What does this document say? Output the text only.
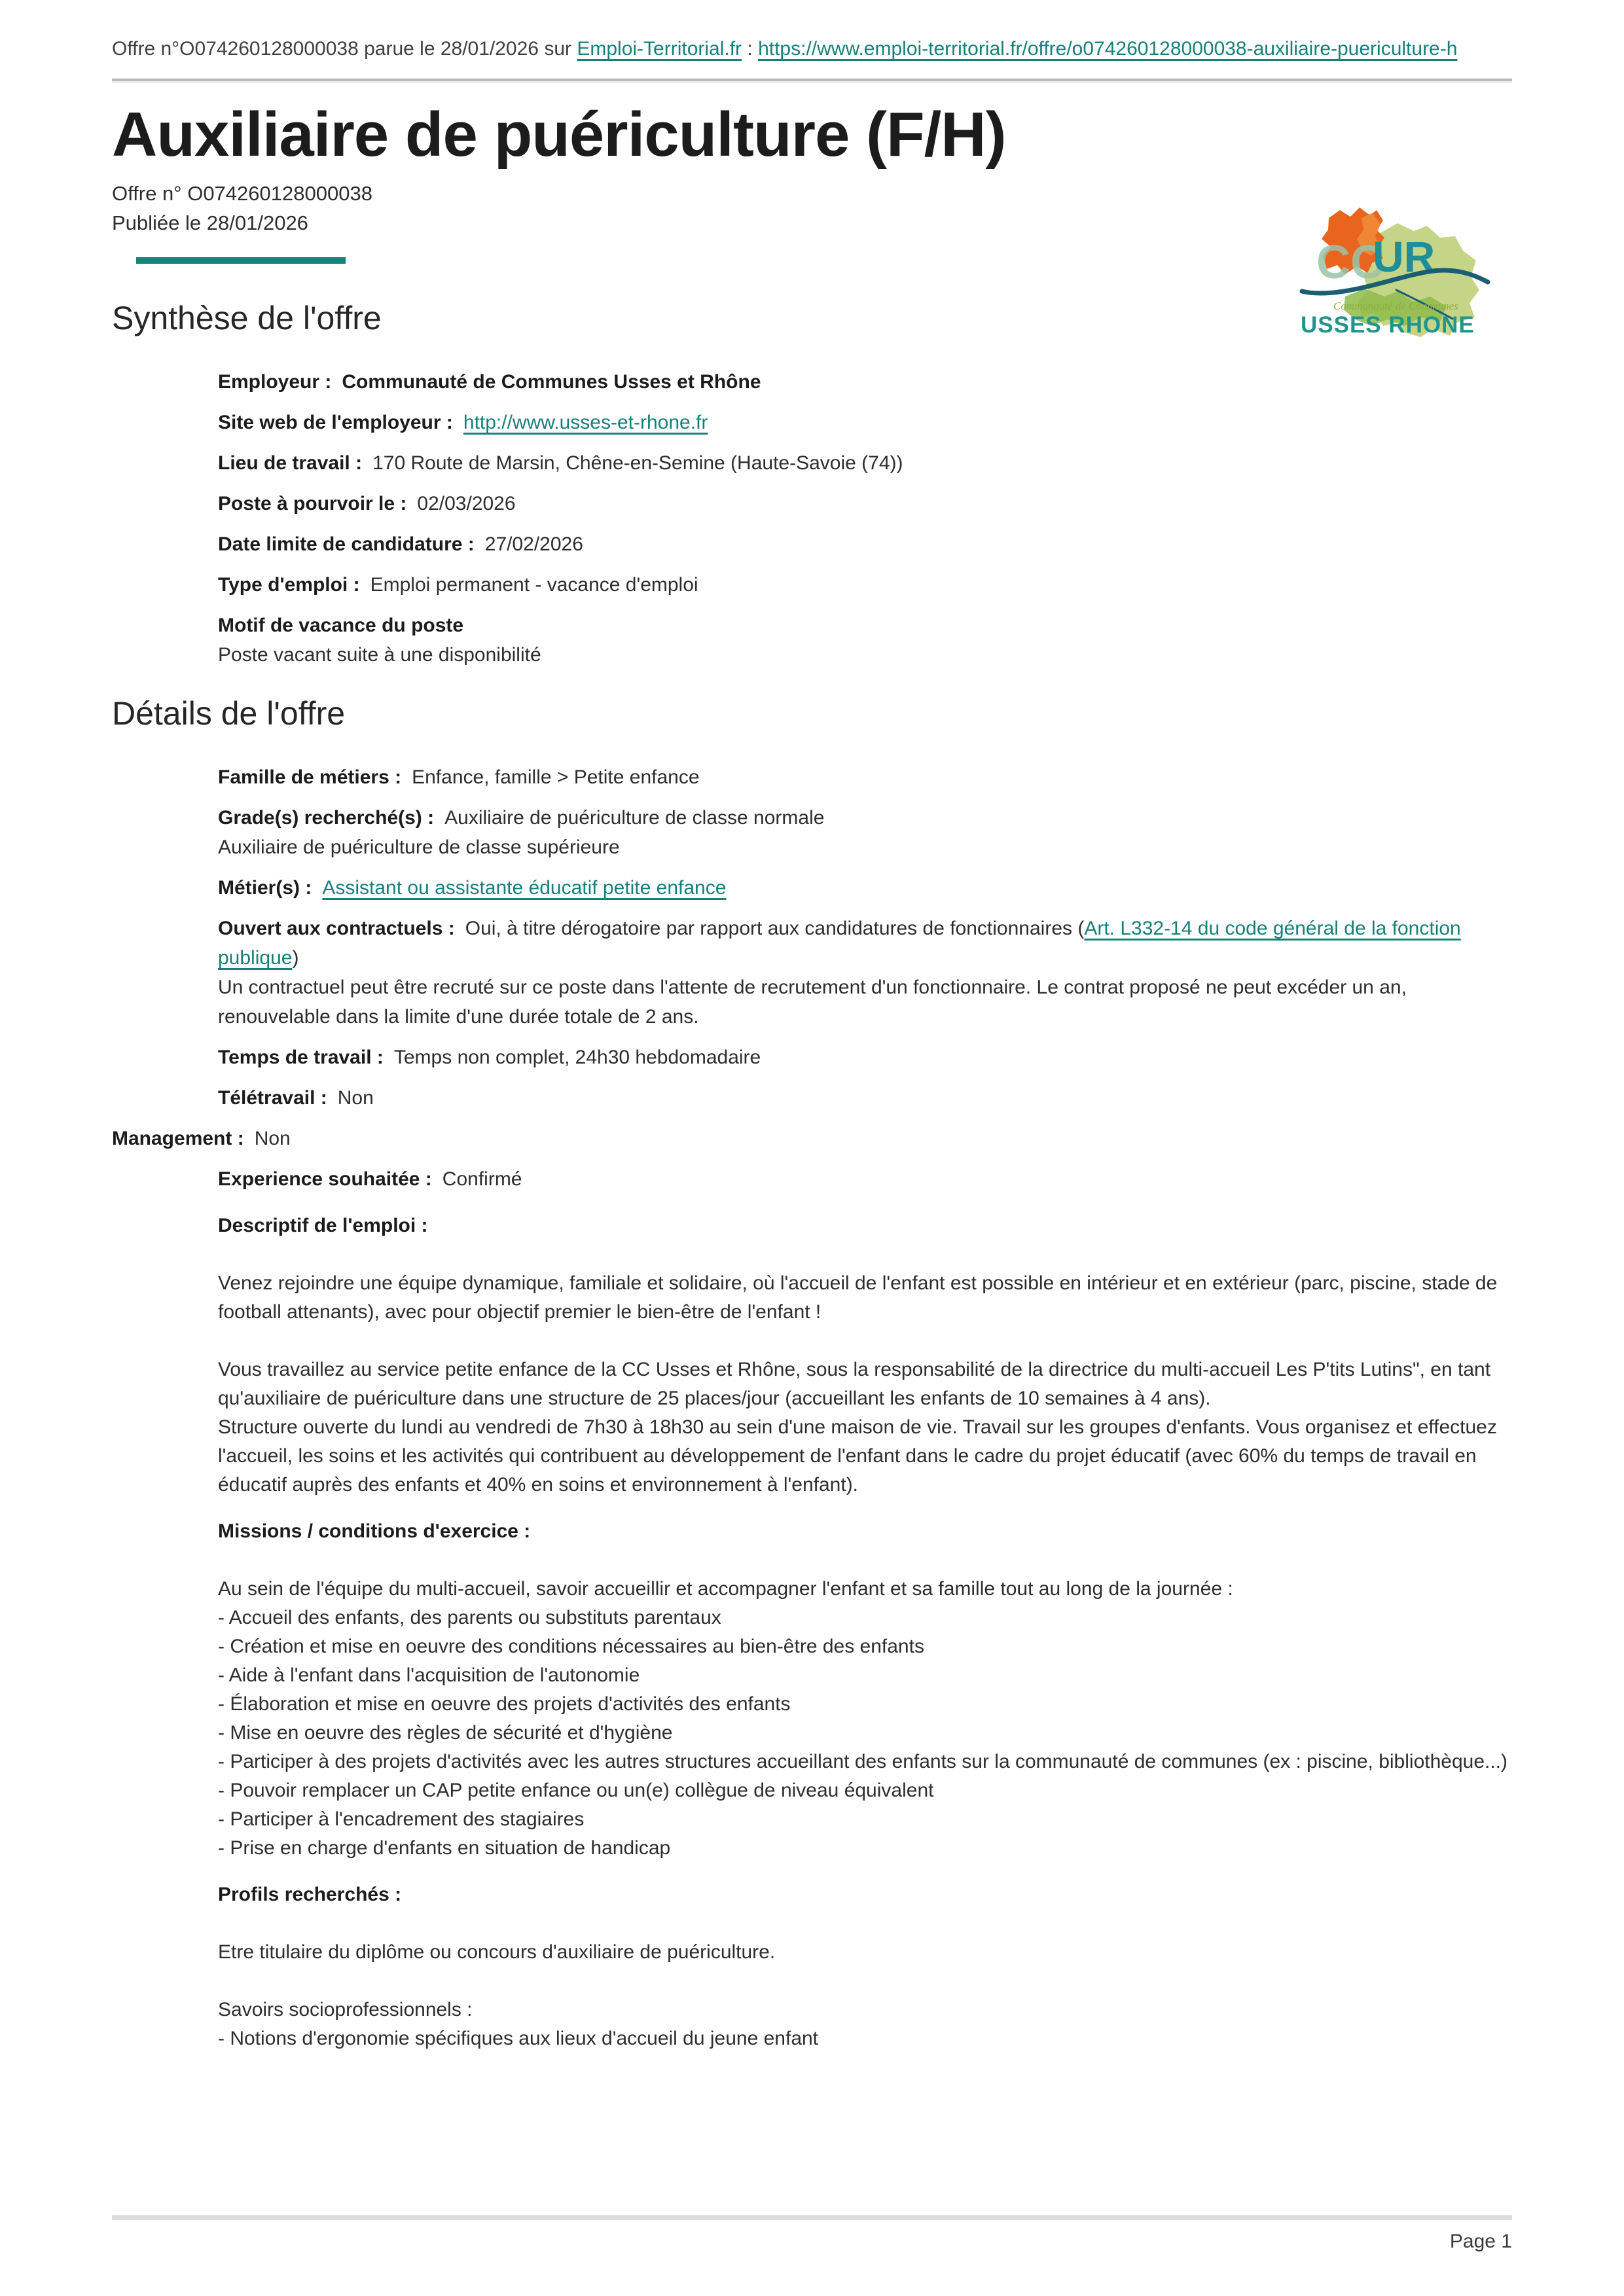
Offre n°O074260128000038 parue le 28/01/2026 sur Emploi-Territorial.fr : https://www.emploi-territorial.fr/offre/o074260128000038-auxiliaire-puericulture-h
Auxiliaire de puériculture (F/H)
Offre n° O074260128000038
Publiée le 28/01/2026
CC
UR
Communauté de Communes
USSES RHONE
Synthèse de l'offre
Employeur : Communauté de Communes Usses et Rhône
Site web de l'employeur : http://www.usses-et-rhone.fr
Lieu de travail : 170 Route de Marsin, Chêne-en-Semine (Haute-Savoie (74))
Poste à pourvoir le : 02/03/2026
Date limite de candidature : 27/02/2026
Type d'emploi : Emploi permanent - vacance d'emploi
Motif de vacance du poste
Poste vacant suite à une disponibilité
Détails de l'offre
Famille de métiers : Enfance, famille > Petite enfance
Grade(s) recherché(s) : Auxiliaire de puériculture de classe normale
Auxiliaire de puériculture de classe supérieure
Métier(s) : Assistant ou assistante éducatif petite enfance
Ouvert aux contractuels : Oui, à titre dérogatoire par rapport aux candidatures de fonctionnaires (Art. L332-14 du code général de la fonction publique)
Un contractuel peut être recruté sur ce poste dans l'attente de recrutement d'un fonctionnaire. Le contrat proposé ne peut excéder un an, renouvelable dans la limite d'une durée totale de 2 ans.
Temps de travail : Temps non complet, 24h30 hebdomadaire
Télétravail : Non
Management : Non
Experience souhaitée : Confirmé
Descriptif de l'emploi :

Venez rejoindre une équipe dynamique, familiale et solidaire, où l'accueil de l'enfant est possible en intérieur et en extérieur (parc, piscine, stade de football attenants), avec pour objectif premier le bien-être de l'enfant !

Vous travaillez au service petite enfance de la CC Usses et Rhône, sous la responsabilité de la directrice du multi-accueil Les P'tits Lutins", en tant qu'auxiliaire de puériculture dans une structure de 25 places/jour (accueillant les enfants de 10 semaines à 4 ans).

Structure ouverte du lundi au vendredi de 7h30 à 18h30 au sein d'une maison de vie. Travail sur les groupes d'enfants. Vous organisez et effectuez l'accueil, les soins et les activités qui contribuent au développement de l'enfant dans le cadre du projet éducatif (avec 60% du temps de travail en éducatif auprès des enfants et 40% en soins et environnement à l'enfant).

Missions / conditions d'exercice :

Au sein de l'équipe du multi-accueil, savoir accueillir et accompagner l'enfant et sa famille tout au long de la journée :

- Accueil des enfants, des parents ou substituts parentaux

- Création et mise en oeuvre des conditions nécessaires au bien-être des enfants

- Aide à l'enfant dans l'acquisition de l'autonomie

- Élaboration et mise en oeuvre des projets d'activités des enfants

- Mise en oeuvre des règles de sécurité et d'hygiène

- Participer à des projets d'activités avec les autres structures accueillant des enfants sur la communauté de communes (ex : piscine, bibliothèque...)

- Pouvoir remplacer un CAP petite enfance ou un(e) collègue de niveau équivalent

- Participer à l'encadrement des stagiaires

- Prise en charge d'enfants en situation de handicap

Profils recherchés :

Etre titulaire du diplôme ou concours d'auxiliaire de puériculture.

Savoirs socioprofessionnels :

- Notions d'ergonomie spécifiques aux lieux d'accueil du jeune enfant

Page 1
